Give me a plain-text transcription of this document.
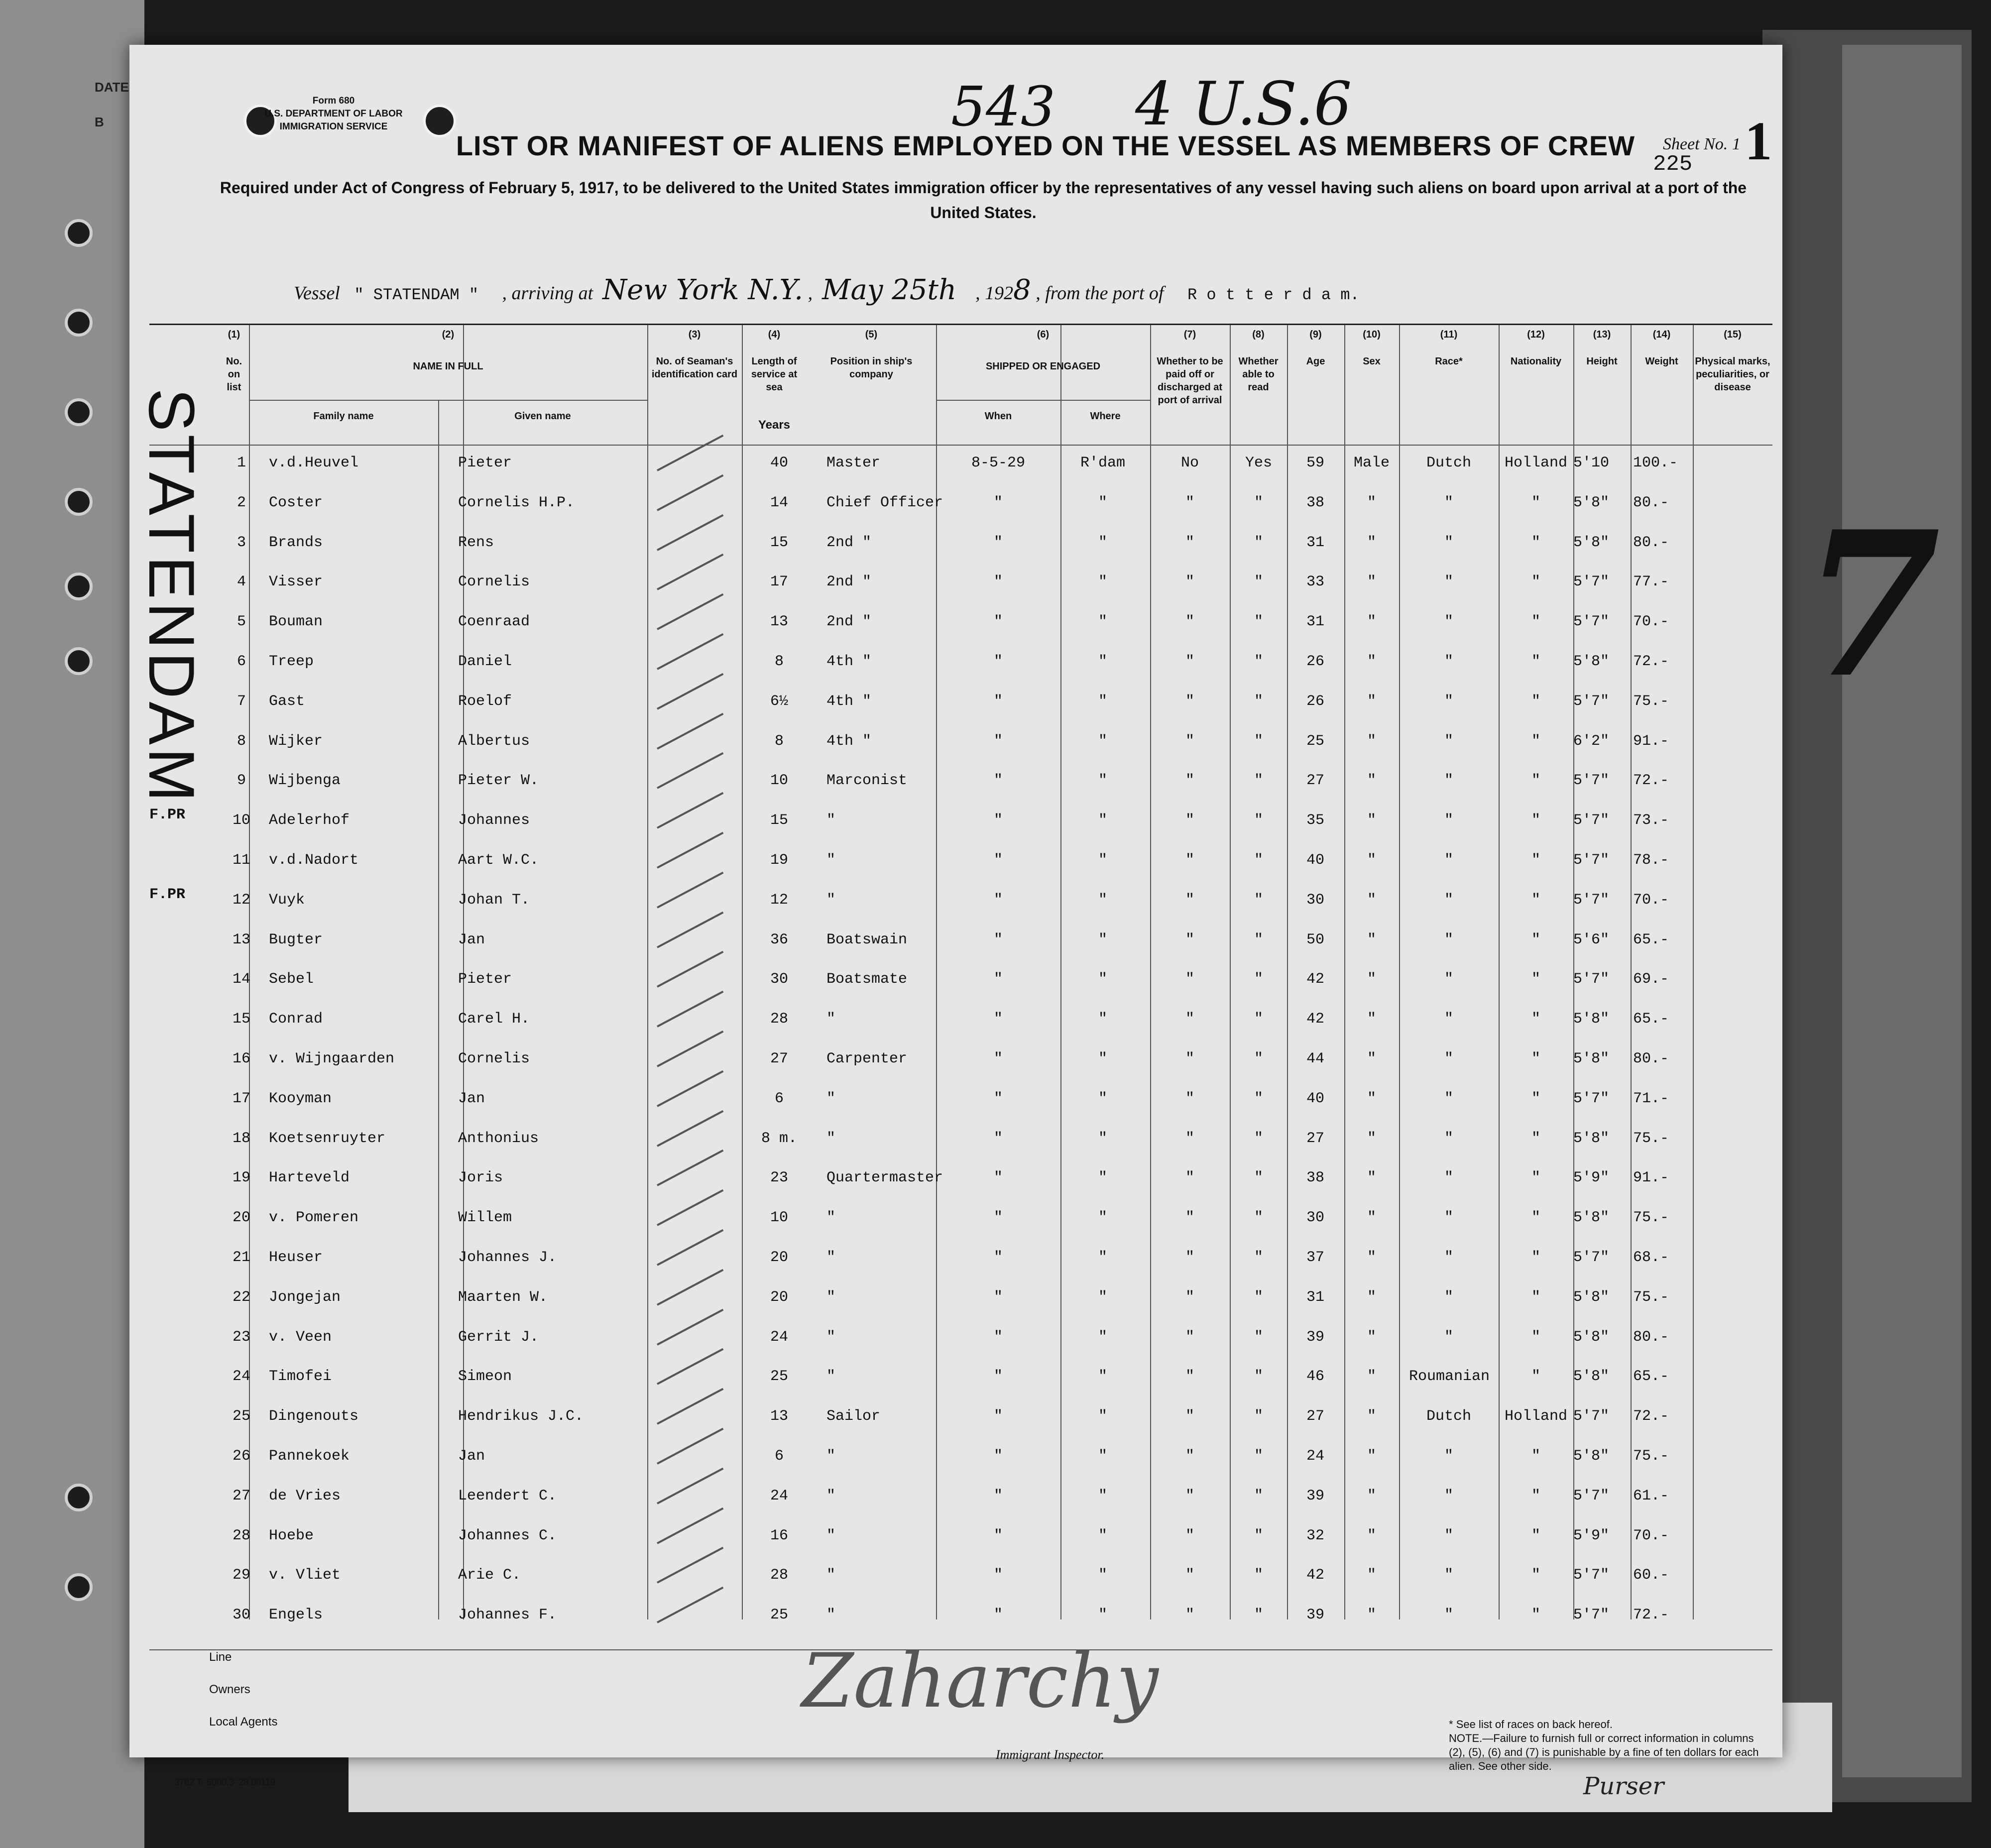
DATE
B
Purser
Form 680
U.S. DEPARTMENT OF LABOR
IMMIGRATION SERVICE	543 4 U.S.6
Sheet No. 1 1
225
LIST OR MANIFEST OF ALIENS EMPLOYED ON THE VESSEL AS MEMBERS OF CREW
Required under Act of Congress of February 5, 1917, to be delivered to the United States immigration officer by the representatives of any vessel having such aliens on board upon arrival at a port of the United States.
Vessel " STATENDAM " , arriving at New York N.Y. ,  May 25th , 1928 , from the port of R o t t e r d a m.
(1)
No. on list
(2)
NAME IN FULL
Family name	Given name
(3)
No. of Seaman's identification card
(4)
Length of service at sea
Years
(5)
Position in ship's company
(6)
SHIPPED OR ENGAGED
When	Where
(7)
Whether to be paid off or discharged at port of arrival
(8)
Whether able to read
(9)
Age
(10)
Sex
(11)
Race*
(12)
Nationality
(13)
Height
(14)
Weight
(15)
Physical marks, peculiarities, or disease
1	v.d.Heuvel	Pieter	40	Master	8-5-29	R'dam	No	Yes	59	Male	Dutch	Holland 5'10 100.-
2	Coster	Cornelis H.P.	14	Chief Officer	"	"	"	"	38	"	"	"	5'8" 80.-
3	Brands	Rens	15	2nd "	"	"	"	"	31	"	"	"	5'8" 80.-
4	Visser	Cornelis	17	2nd "	"	"	"	"	33	"	"	"	5'7" 77.-
5	Bouman	Coenraad	13	2nd "	"	"	"	"	31	"	"	"	5'7" 70.-
6	Treep	Daniel	8	4th "	"	"	"	"	26	"	"	"	5'8" 72.-
7	Gast	Roelof	6½	4th "	"	"	"	"	26	"	"	"	5'7" 75.-
8	Wijker	Albertus	8	4th "	"	"	"	"	25	"	"	"	6'2" 91.-
9	Wijbenga	Pieter W.	10	Marconist	"	"	"	"	27	"	"	"	5'7" 72.-
10	Adelerhof	Johannes	15	"	"	"	"	"	35	"	"	"	5'7" 73.-
11	v.d.Nadort	Aart W.C.	19	"	"	"	"	"	40	"	"	"	5'7" 78.-
12	Vuyk	Johan T.	12	"	"	"	"	"	30	"	"	"	5'7" 70.-
13	Bugter	Jan	36	Boatswain	"	"	"	"	50	"	"	"	5'6" 65.-
14	Sebel	Pieter	30	Boatsmate	"	"	"	"	42	"	"	"	5'7" 69.-
15	Conrad	Carel H.	28	"	"	"	"	"	42	"	"	"	5'8" 65.-
16	v. Wijngaarden	Cornelis	27	Carpenter	"	"	"	"	44	"	"	"	5'8" 80.-
17	Kooyman	Jan	6	"	"	"	"	"	40	"	"	"	5'7" 71.-
18	Koetsenruyter	Anthonius	8 m.	"	"	"	"	"	27	"	"	"	5'8" 75.-
19	Harteveld	Joris	23	Quartermaster	"	"	"	"	38	"	"	"	5'9" 91.-
20	v. Pomeren	Willem	10	"	"	"	"	"	30	"	"	"	5'8" 75.-
21	Heuser	Johannes J.	20	"	"	"	"	"	37	"	"	"	5'7" 68.-
22	Jongejan	Maarten W.	20	"	"	"	"	"	31	"	"	"	5'8" 75.-
23	v. Veen	Gerrit J.	24	"	"	"	"	"	39	"	"	"	5'8" 80.-
24	Timofei	Simeon	25	"	"	"	"	"	46	"	Roumanian	"	5'8" 65.-
25	Dingenouts	Hendrikus J.C.	13	Sailor	"	"	"	"	27	"	Dutch	Holland 5'7" 72.-
26	Pannekoek	Jan	6	"	"	"	"	"	24	"	"	"	5'8" 75.-
27	de Vries	Leendert C.	24	"	"	"	"	"	39	"	"	"	5'7" 61.-
28	Hoebe	Johannes C.	16	"	"	"	"	"	32	"	"	"	5'9" 70.-
29	v. Vliet	Arie C.	28	"	"	"	"	"	42	"	"	"	5'7" 60.-
30	Engels	Johannes F.	25	"	"	"	"	"	39	"	"	"	5'7" 72.-
7
Line
Owners
Local Agents	Zaharchy
Immigrant Inspector.
* See list of races on back hereof.
NOTE.—Failure to furnish full or correct information in columns (2), (5), (6) and (7) is punishable by a fine of ten dollars for each alien. See other side.
3782 T.-5000.3-'28.06119.
STATENDAM
F.PR
F.PR
